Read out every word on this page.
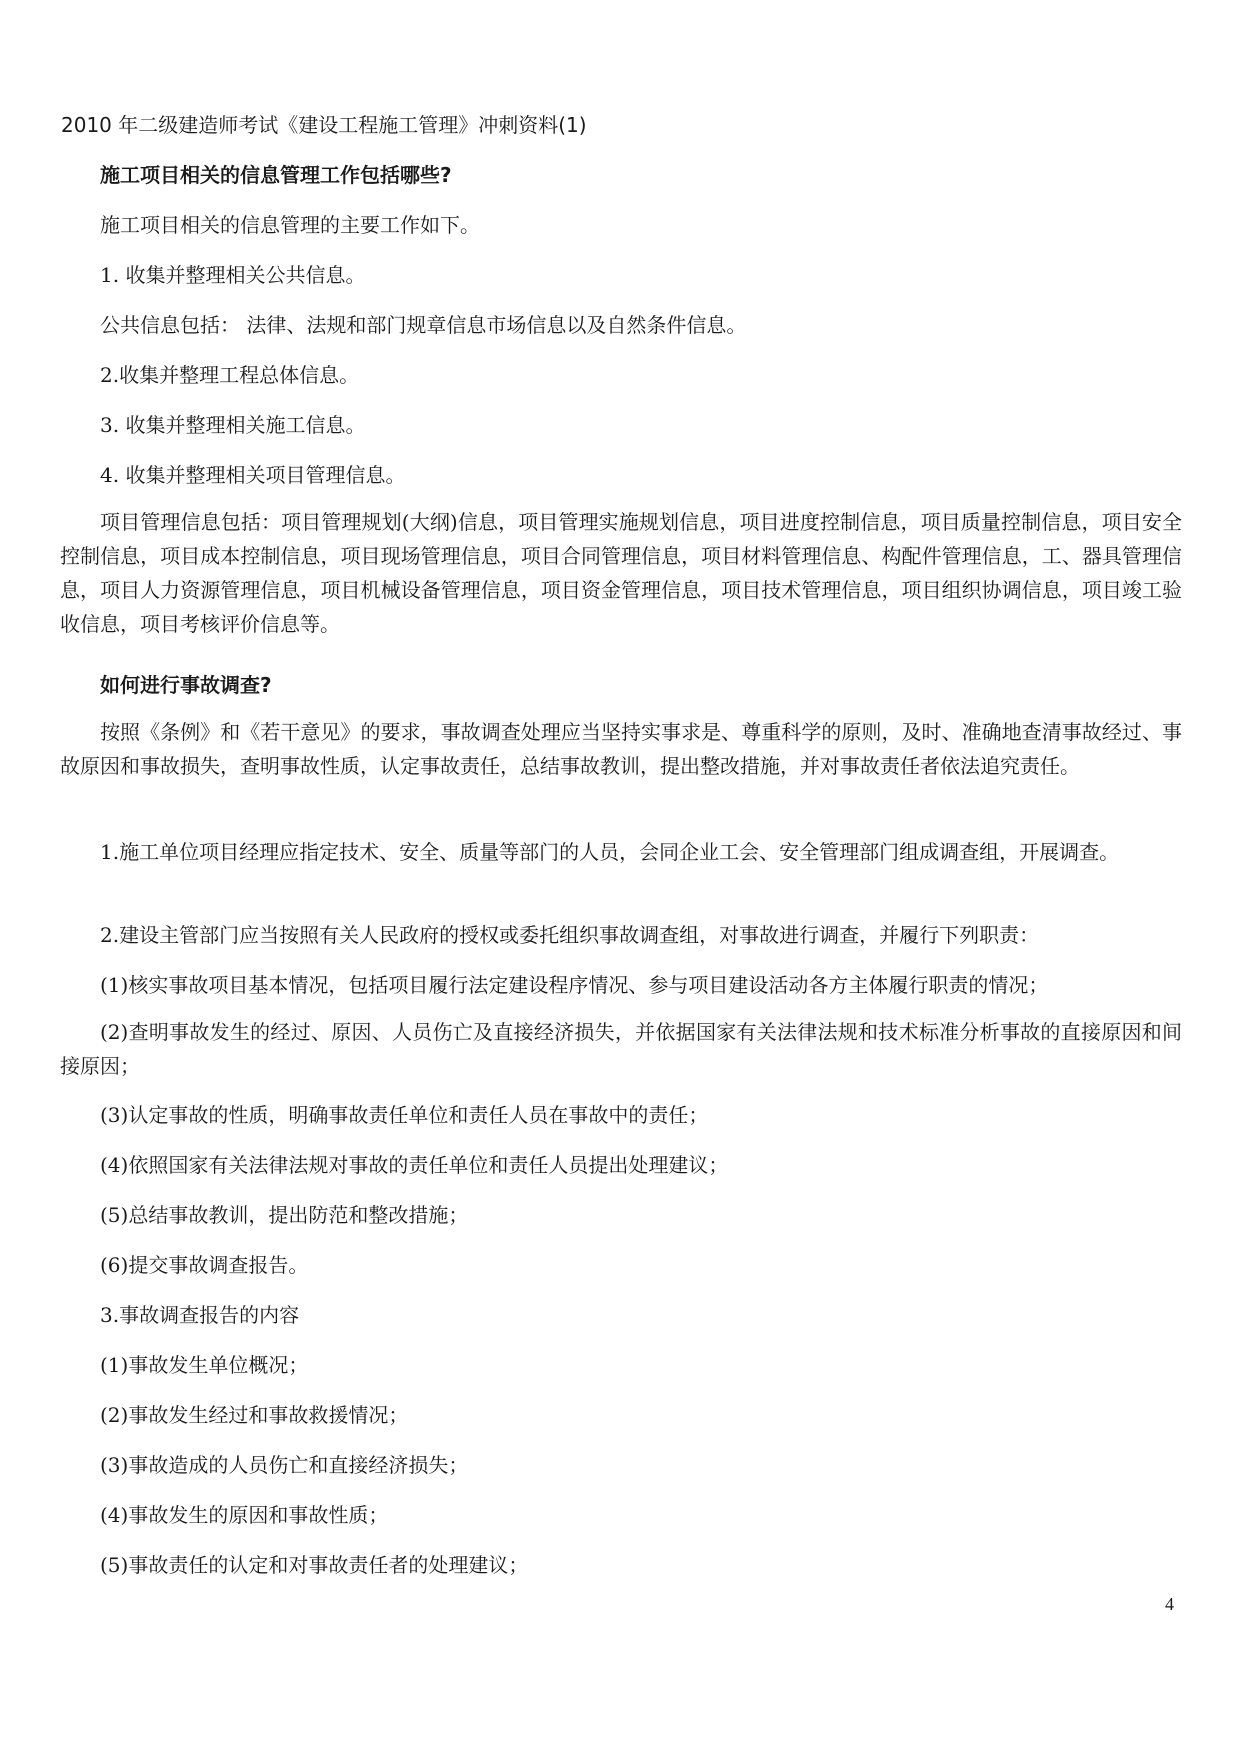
2010 年二级建造师考试《建设工程施工管理》冲刺资料(1)
施工项目相关的信息管理工作包括哪些?
施工项目相关的信息管理的主要工作如下。
1. 收集并整理相关公共信息。
公共信息包括： 法律、法规和部门规章信息市场信息以及自然条件信息。
2.收集并整理工程总体信息。
3. 收集并整理相关施工信息。
4. 收集并整理相关项目管理信息。
项目管理信息包括：项目管理规划(大纲)信息，项目管理实施规划信息，项目进度控制信息，项目质量控制信息，项目安全控制信息，项目成本控制信息，项目现场管理信息，项目合同管理信息，项目材料管理信息、构配件管理信息，工、器具管理信息，项目人力资源管理信息，项目机械设备管理信息，项目资金管理信息，项目技术管理信息，项目组织协调信息，项目竣工验收信息，项目考核评价信息等。
如何进行事故调查?
按照《条例》和《若干意见》的要求，事故调查处理应当坚持实事求是、尊重科学的原则，及时、准确地查清事故经过、事故原因和事故损失，查明事故性质，认定事故责任，总结事故教训，提出整改措施，并对事故责任者依法追究责任。
1.施工单位项目经理应指定技术、安全、质量等部门的人员，会同企业工会、安全管理部门组成调查组，开展调查。
2.建设主管部门应当按照有关人民政府的授权或委托组织事故调查组，对事故进行调查，并履行下列职责：
(1)核实事故项目基本情况，包括项目履行法定建设程序情况、参与项目建设活动各方主体履行职责的情况；
(2)查明事故发生的经过、原因、人员伤亡及直接经济损失，并依据国家有关法律法规和技术标准分析事故的直接原因和间接原因；
(3)认定事故的性质，明确事故责任单位和责任人员在事故中的责任；
(4)依照国家有关法律法规对事故的责任单位和责任人员提出处理建议；
(5)总结事故教训，提出防范和整改措施；
(6)提交事故调查报告。
3.事故调查报告的内容
(1)事故发生单位概况；
(2)事故发生经过和事故救援情况；
(3)事故造成的人员伤亡和直接经济损失；
(4)事故发生的原因和事故性质；
(5)事故责任的认定和对事故责任者的处理建议；
4
